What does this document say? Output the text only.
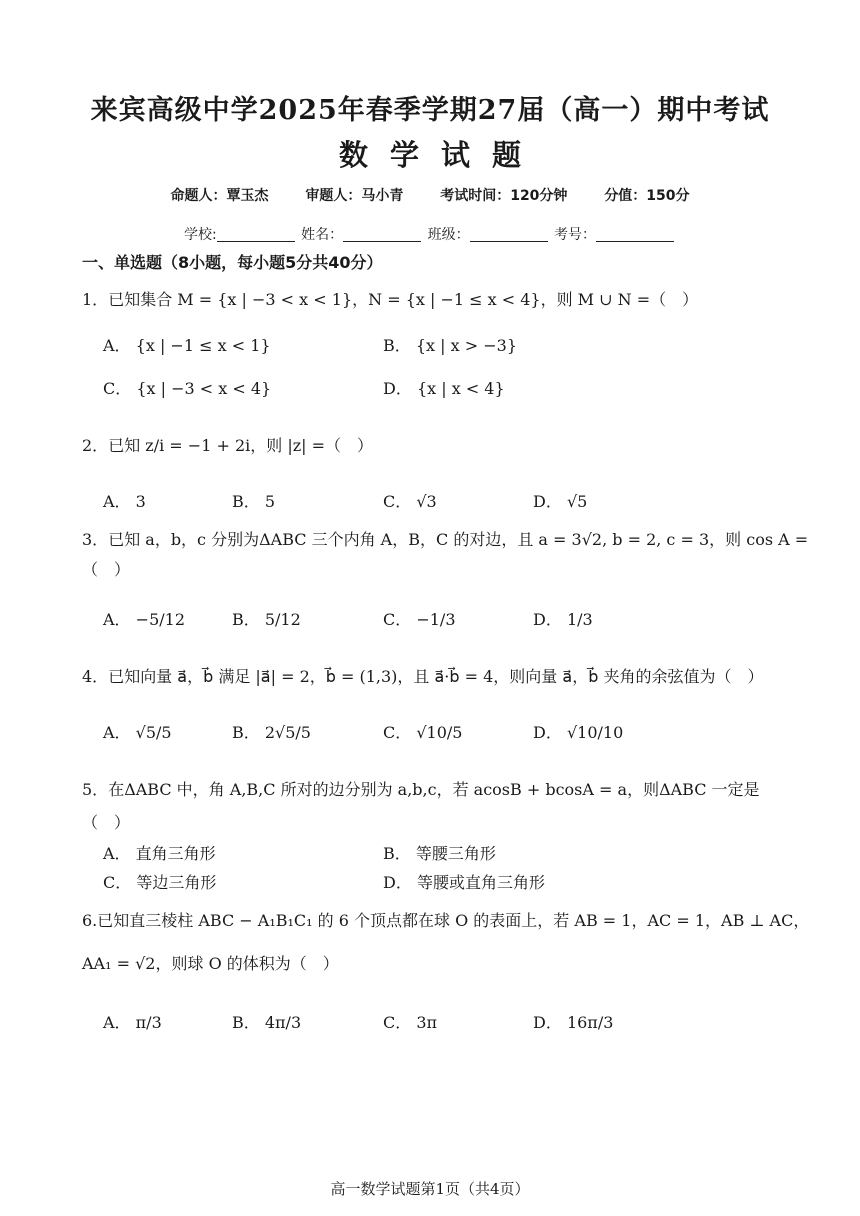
来宾高级中学2025年春季学期27届（高一）期中考试
数学试题
命题人：覃玉杰	审题人：马小青	考试时间：120分钟	分值：150分
学校:	姓名：	班级：	考号：
一、单选题（8小题，每小题5分共40分）
1．已知集合 M = {x | −3 < x < 1}，N = {x | −1 ≤ x < 4}，则 M ∪ N =（　）
A． {x | −1 ≤ x < 1}	B． {x | x > −3}
C． {x | −3 < x < 4}	D． {x | x < 4}
2．已知 z/i = −1 + 2i，则 |z| =（　）
A． 3	B． 5	C． √3	D． √5
3．已知 a，b，c 分别为ΔABC 三个内角 A，B，C 的对边，且 a = 3√2, b = 2, c = 3，则 cos A =
（　）
A． −5/12	B． 5/12	C． −1/3	D． 1/3
4．已知向量 a⃗，b⃗ 满足 |a⃗| = 2，b⃗ = (1,3)，且 a⃗·b⃗ = 4，则向量 a⃗，b⃗ 夹角的余弦值为（　）
A． √5/5	B． 2√5/5	C． √10/5	D． √10/10
5．在ΔABC 中，角 A,B,C 所对的边分别为 a,b,c，若 acosB + bcosA = a，则ΔABC 一定是
（　）
A． 直角三角形	B． 等腰三角形
C． 等边三角形	D． 等腰或直角三角形
6.已知直三棱柱 ABC − A₁B₁C₁ 的 6 个顶点都在球 O 的表面上，若 AB = 1，AC = 1，AB ⊥ AC，
AA₁ = √2，则球 O 的体积为（　）
A． π/3	B． 4π/3	C． 3π	D． 16π/3
高一数学试题第1页（共4页）
